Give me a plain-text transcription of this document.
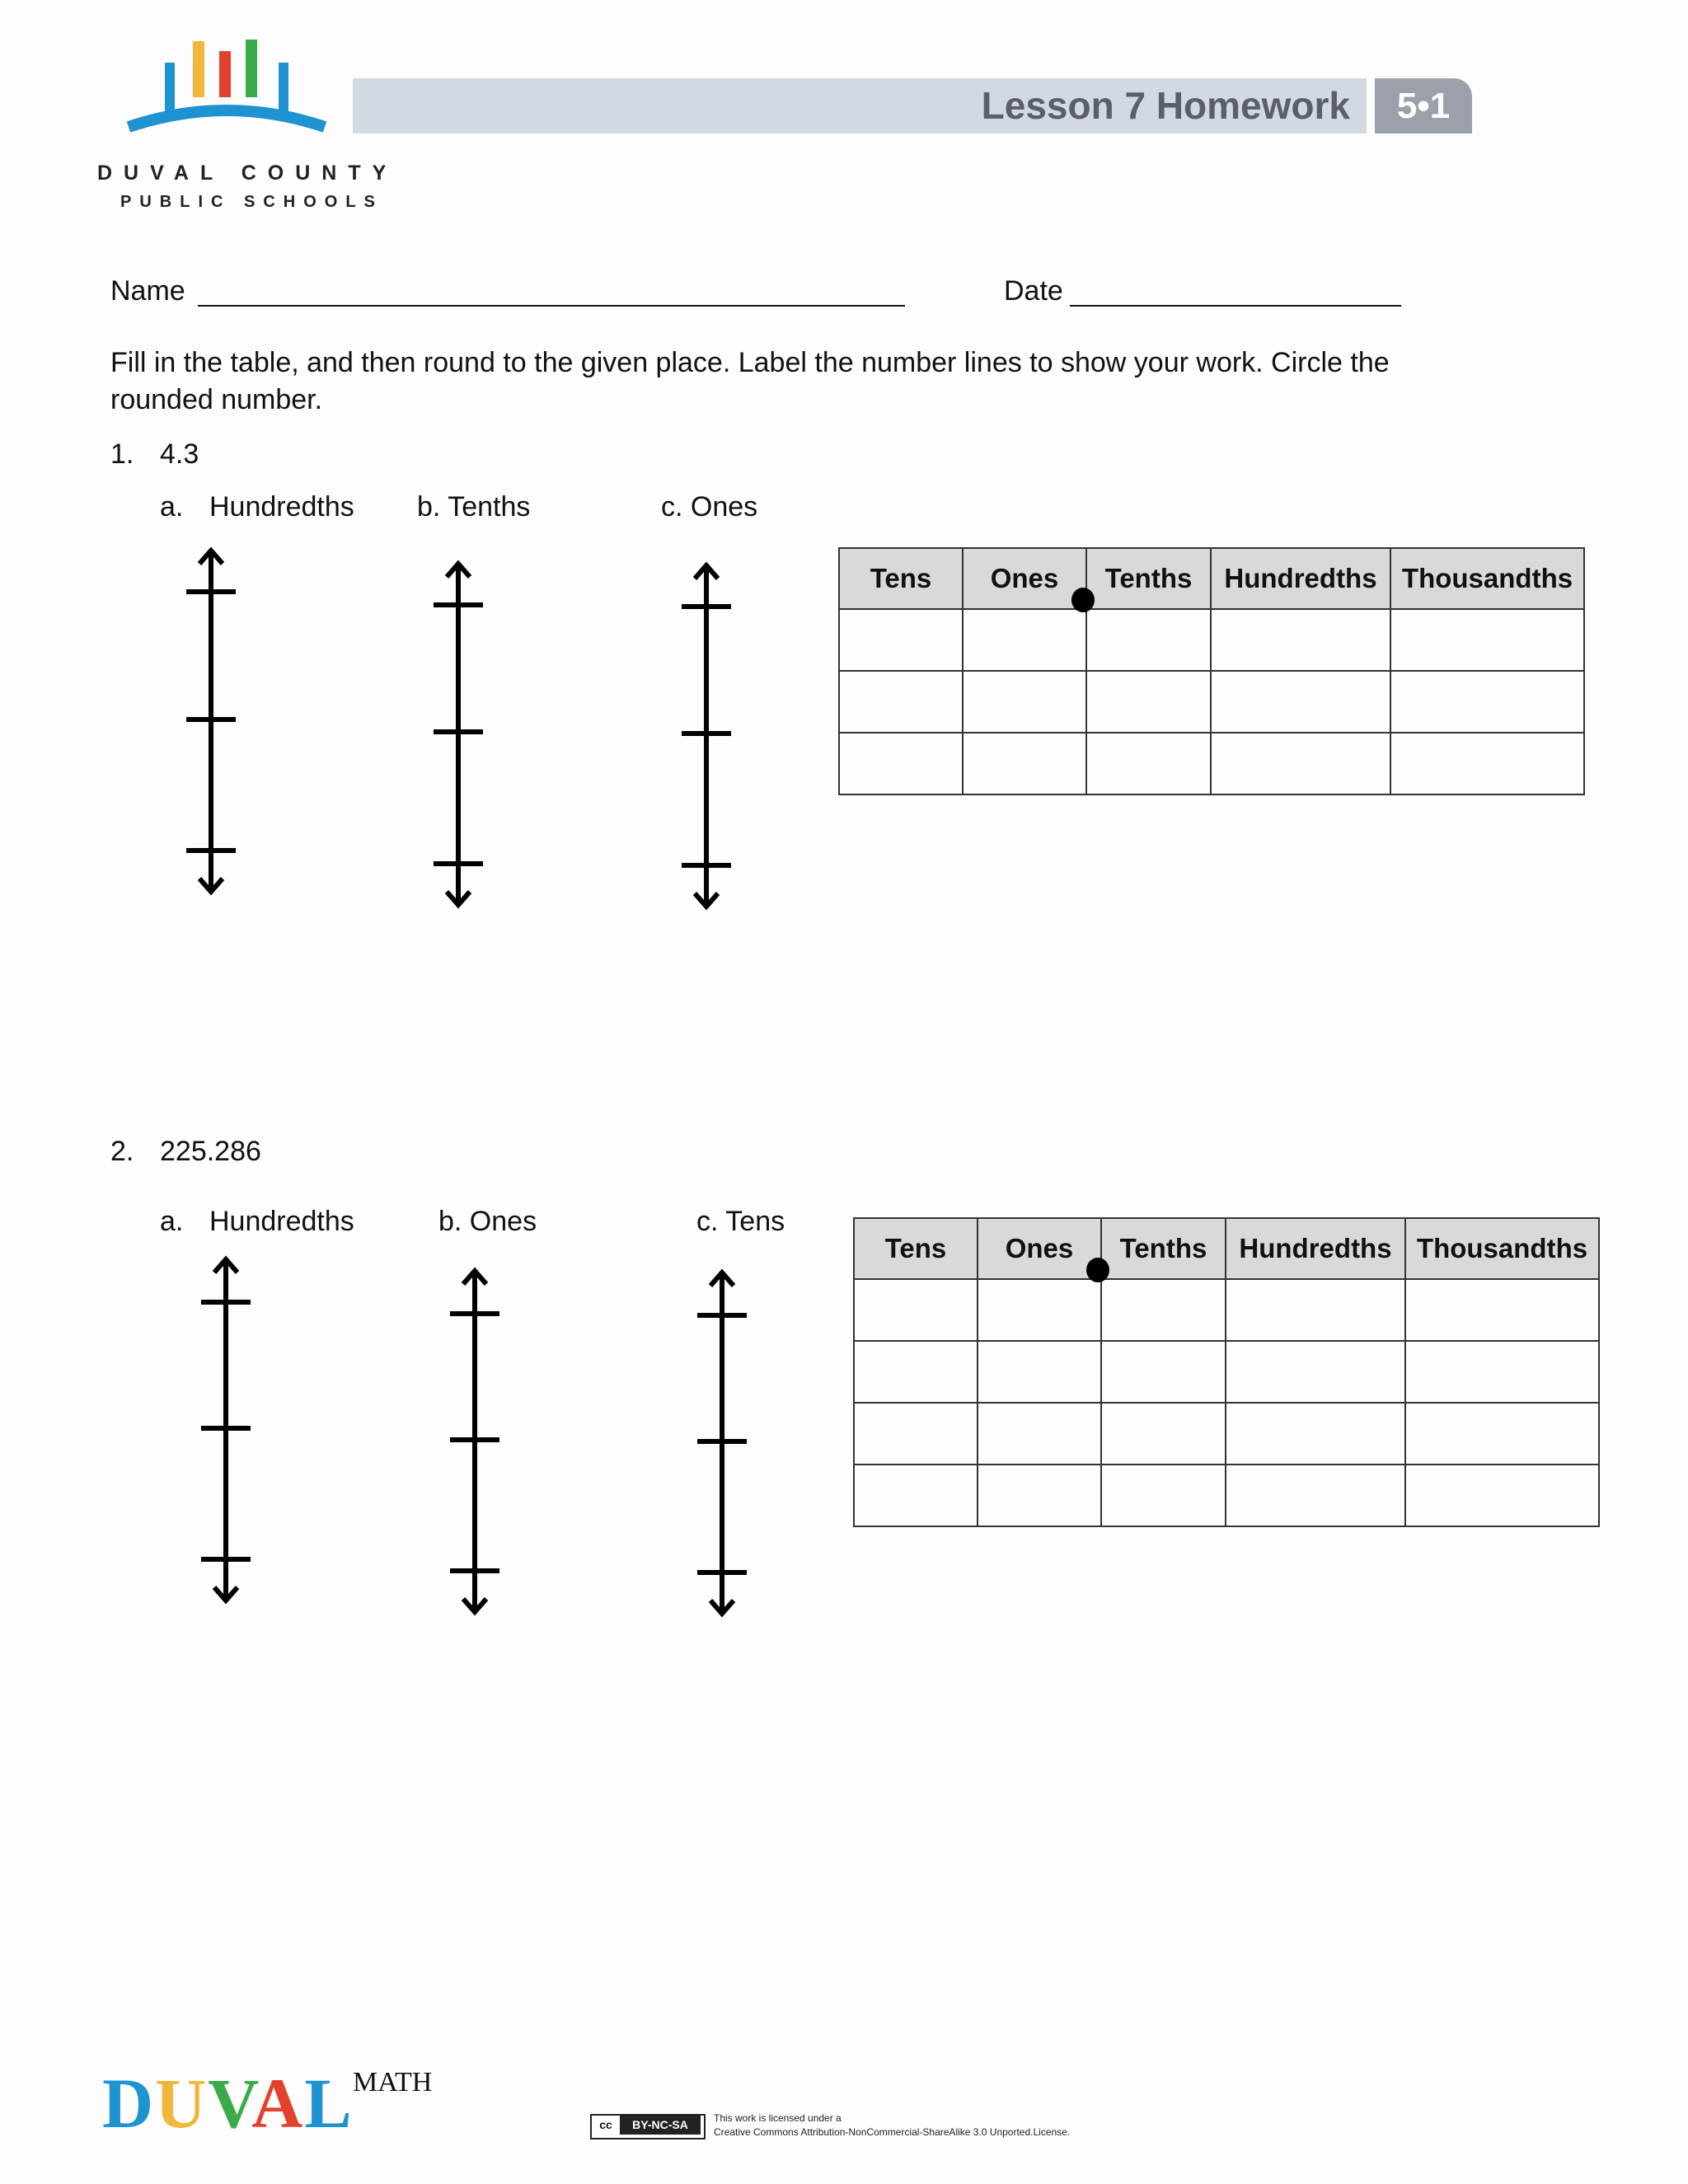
DUVAL COUNTY
PUBLIC SCHOOLS
Lesson 7 Homework	5•1
Name	Date
Fill in the table, and then round to the given place. Label the number lines to show your work. Circle the rounded number.
1. 4.3
a. Hundredths b. Tenths	c. Ones
Tens	Ones	Tenths	Hundredths	Thousandths

2. 225.286
a. Hundredths	b. Ones	c. Tens
Tens	Ones	Tenths	Hundredths	Thousandths

DUVAL MATH
cc BY-NC-SA	This work is licensed under a
Creative Commons Attribution-NonCommercial-ShareAlike 3.0 Unported.License.
